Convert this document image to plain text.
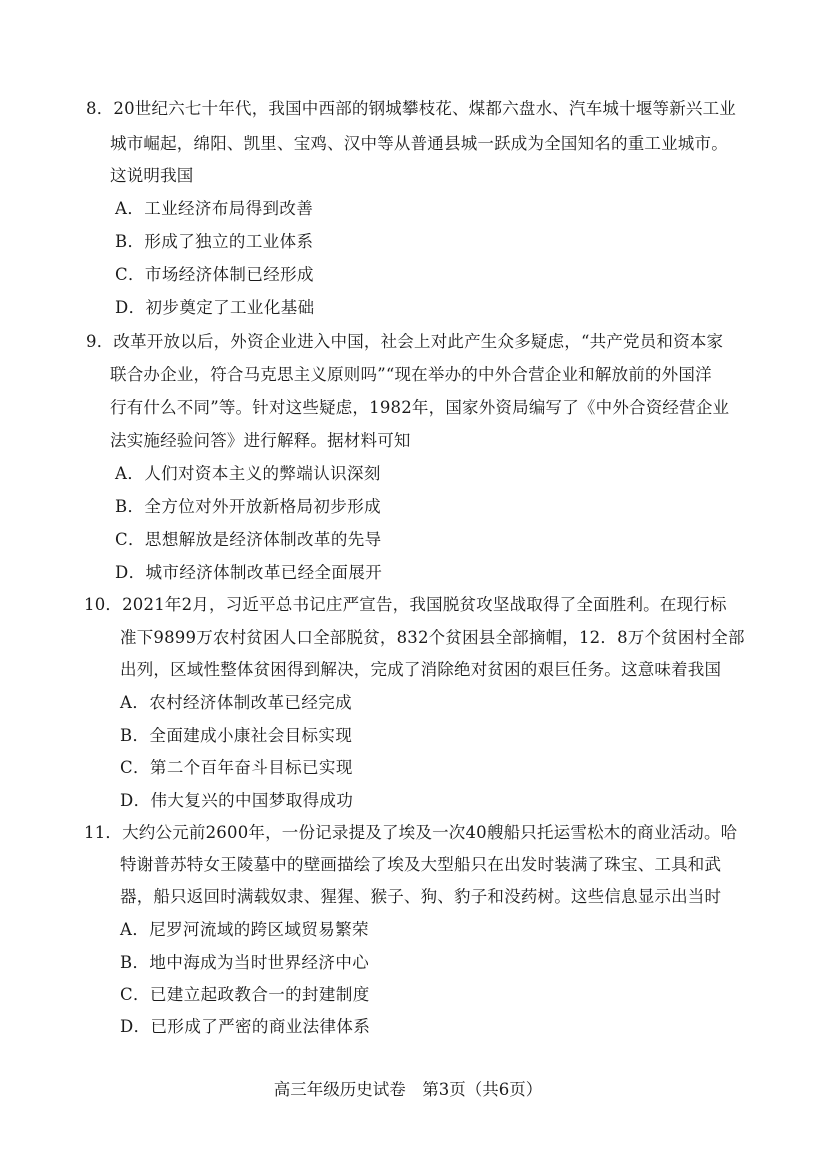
8．20世纪六七十年代，我国中西部的钢城攀枝花、煤都六盘水、汽车城十堰等新兴工业
城市崛起，绵阳、凯里、宝鸡、汉中等从普通县城一跃成为全国知名的重工业城市。
这说明我国
A．工业经济布局得到改善
B．形成了独立的工业体系
C．市场经济体制已经形成
D．初步奠定了工业化基础
9．改革开放以后，外资企业进入中国，社会上对此产生众多疑虑，“共产党员和资本家
联合办企业，符合马克思主义原则吗”“现在举办的中外合营企业和解放前的外国洋
行有什么不同”等。针对这些疑虑，1982年，国家外资局编写了《中外合资经营企业
法实施经验问答》进行解释。据材料可知
A．人们对资本主义的弊端认识深刻
B．全方位对外开放新格局初步形成
C．思想解放是经济体制改革的先导
D．城市经济体制改革已经全面展开
10．2021年2月，习近平总书记庄严宣告，我国脱贫攻坚战取得了全面胜利。在现行标
准下9899万农村贫困人口全部脱贫，832个贫困县全部摘帽，12．8万个贫困村全部
出列，区域性整体贫困得到解决，完成了消除绝对贫困的艰巨任务。这意味着我国
A．农村经济体制改革已经完成
B．全面建成小康社会目标实现
C．第二个百年奋斗目标已实现
D．伟大复兴的中国梦取得成功
11．大约公元前2600年，一份记录提及了埃及一次40艘船只托运雪松木的商业活动。哈
特谢普苏特女王陵墓中的壁画描绘了埃及大型船只在出发时装满了珠宝、工具和武
器，船只返回时满载奴隶、猩猩、猴子、狗、豹子和没药树。这些信息显示出当时
A．尼罗河流域的跨区域贸易繁荣
B．地中海成为当时世界经济中心
C．已建立起政教合一的封建制度
D．已形成了严密的商业法律体系
高三年级历史试卷　第3页（共6页）
